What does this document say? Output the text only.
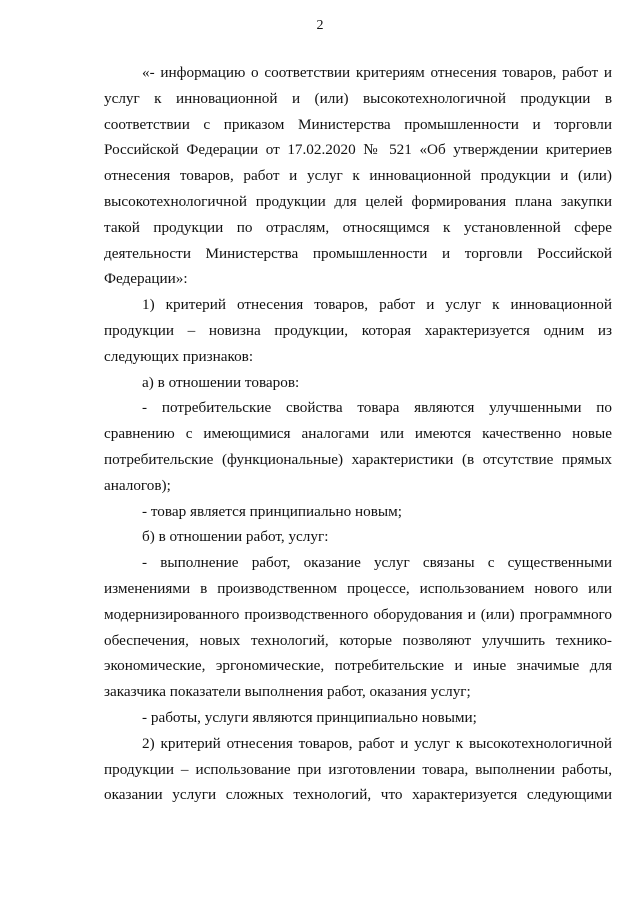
2

«- информацию о соответствии критериям отнесения товаров, работ и услуг к инновационной и (или) высокотехнологичной продукции в соответствии с приказом Министерства промышленности и торговли Российской Федерации от 17.02.2020 № 521 «Об утверждении критериев отнесения товаров, работ и услуг к инновационной продукции и (или) высокотехнологичной продукции для целей формирования плана закупки такой продукции по отраслям, относящимся к установленной сфере деятельности Министерства промышленности и торговли Российской Федерации»:

1) критерий отнесения товаров, работ и услуг к инновационной продукции – новизна продукции, которая характеризуется одним из следующих признаков:

а) в отношении товаров:

- потребительские свойства товара являются улучшенными по сравнению с имеющимися аналогами или имеются качественно новые потребительские (функциональные) характеристики (в отсутствие прямых аналогов);

- товар является принципиально новым;

б) в отношении работ, услуг:

- выполнение работ, оказание услуг связаны с существенными изменениями в производственном процессе, использованием нового или модернизированного производственного оборудования и (или) программного обеспечения, новых технологий, которые позволяют улучшить технико-экономические, эргономические, потребительские и иные значимые для заказчика показатели выполнения работ, оказания услуг;

- работы, услуги являются принципиально новыми;

2) критерий отнесения товаров, работ и услуг к высокотехнологичной продукции – использование при изготовлении товара, выполнении работы, оказании услуги сложных технологий, что характеризуется следующими
